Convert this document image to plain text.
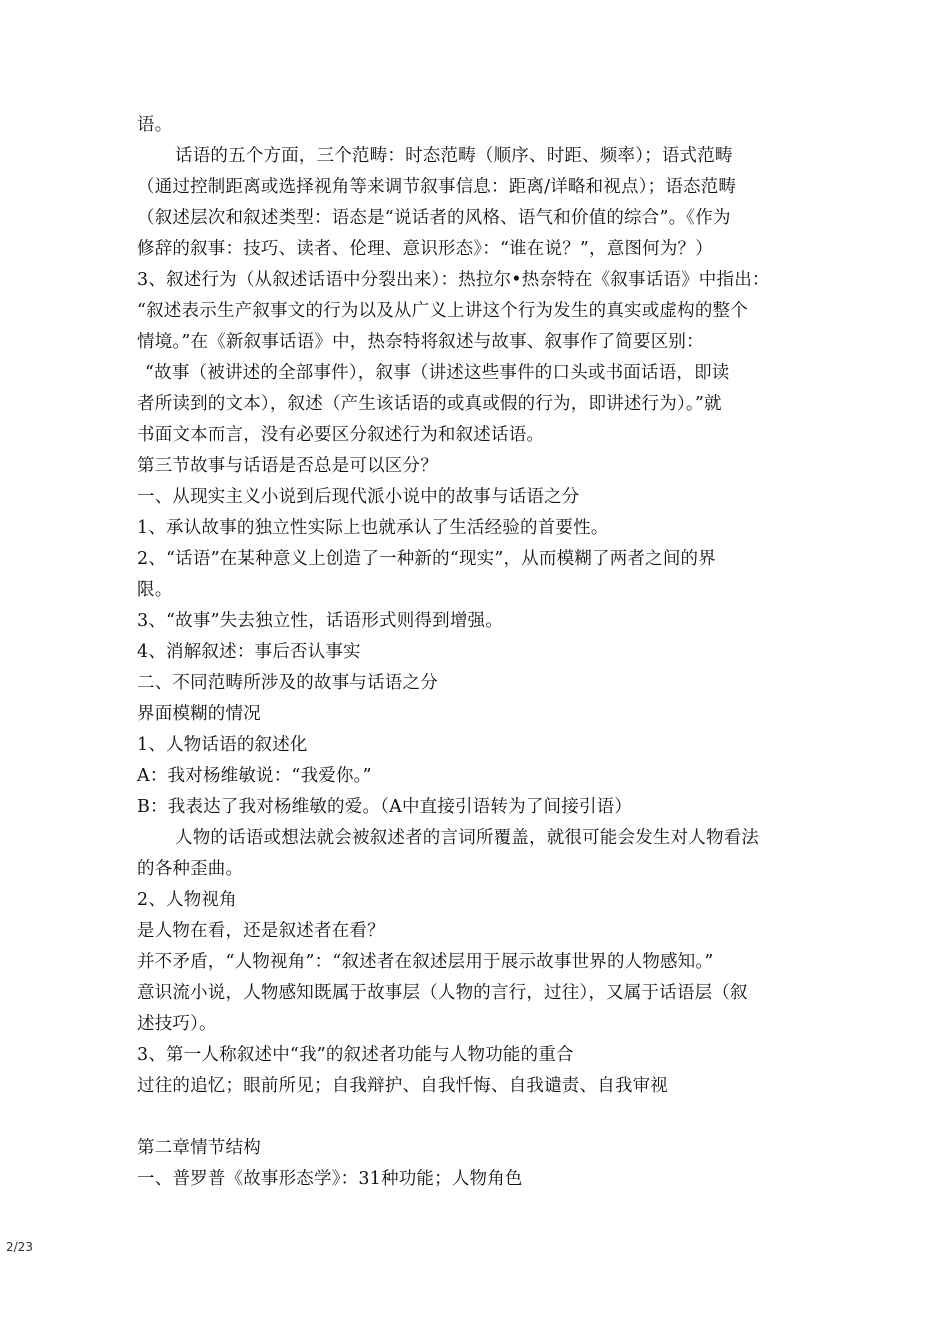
语。
话语的五个方面，三个范畴：时态范畴（顺序、时距、频率）；语式范畴
（通过控制距离或选择视角等来调节叙事信息：距离/详略和视点）；语态范畴
（叙述层次和叙述类型：语态是“说话者的风格、语气和价值的综合”。《作为
修辞的叙事：技巧、读者、伦理、意识形态》：“谁在说？”，意图何为？）
3、叙述行为（从叙述话语中分裂出来）：热拉尔•热奈特在《叙事话语》中指出：
“叙述表示生产叙事文的行为以及从广义上讲这个行为发生的真实或虚构的整个
情境。”在《新叙事话语》中，热奈特将叙述与故事、叙事作了简要区别：
“故事（被讲述的全部事件），叙事（讲述这些事件的口头或书面话语，即读
者所读到的文本），叙述（产生该话语的或真或假的行为，即讲述行为）。”就
书面文本而言，没有必要区分叙述行为和叙述话语。
第三节故事与话语是否总是可以区分？
一、从现实主义小说到后现代派小说中的故事与话语之分
1、承认故事的独立性实际上也就承认了生活经验的首要性。
2、“话语”在某种意义上创造了一种新的“现实”，从而模糊了两者之间的界
限。
3、“故事”失去独立性，话语形式则得到增强。
4、消解叙述：事后否认事实
二、不同范畴所涉及的故事与话语之分
界面模糊的情况
1、人物话语的叙述化
A：我对杨维敏说：“我爱你。”
B：我表达了我对杨维敏的爱。（A中直接引语转为了间接引语）
人物的话语或想法就会被叙述者的言词所覆盖，就很可能会发生对人物看法
的各种歪曲。
2、人物视角
是人物在看，还是叙述者在看？
并不矛盾，“人物视角”：“叙述者在叙述层用于展示故事世界的人物感知。”
意识流小说，人物感知既属于故事层（人物的言行，过往），又属于话语层（叙
述技巧）。
3、第一人称叙述中“我”的叙述者功能与人物功能的重合
过往的追忆；眼前所见；自我辩护、自我忏悔、自我谴责、自我审视
第二章情节结构
一、普罗普《故事形态学》：31种功能；人物角色
2/23
